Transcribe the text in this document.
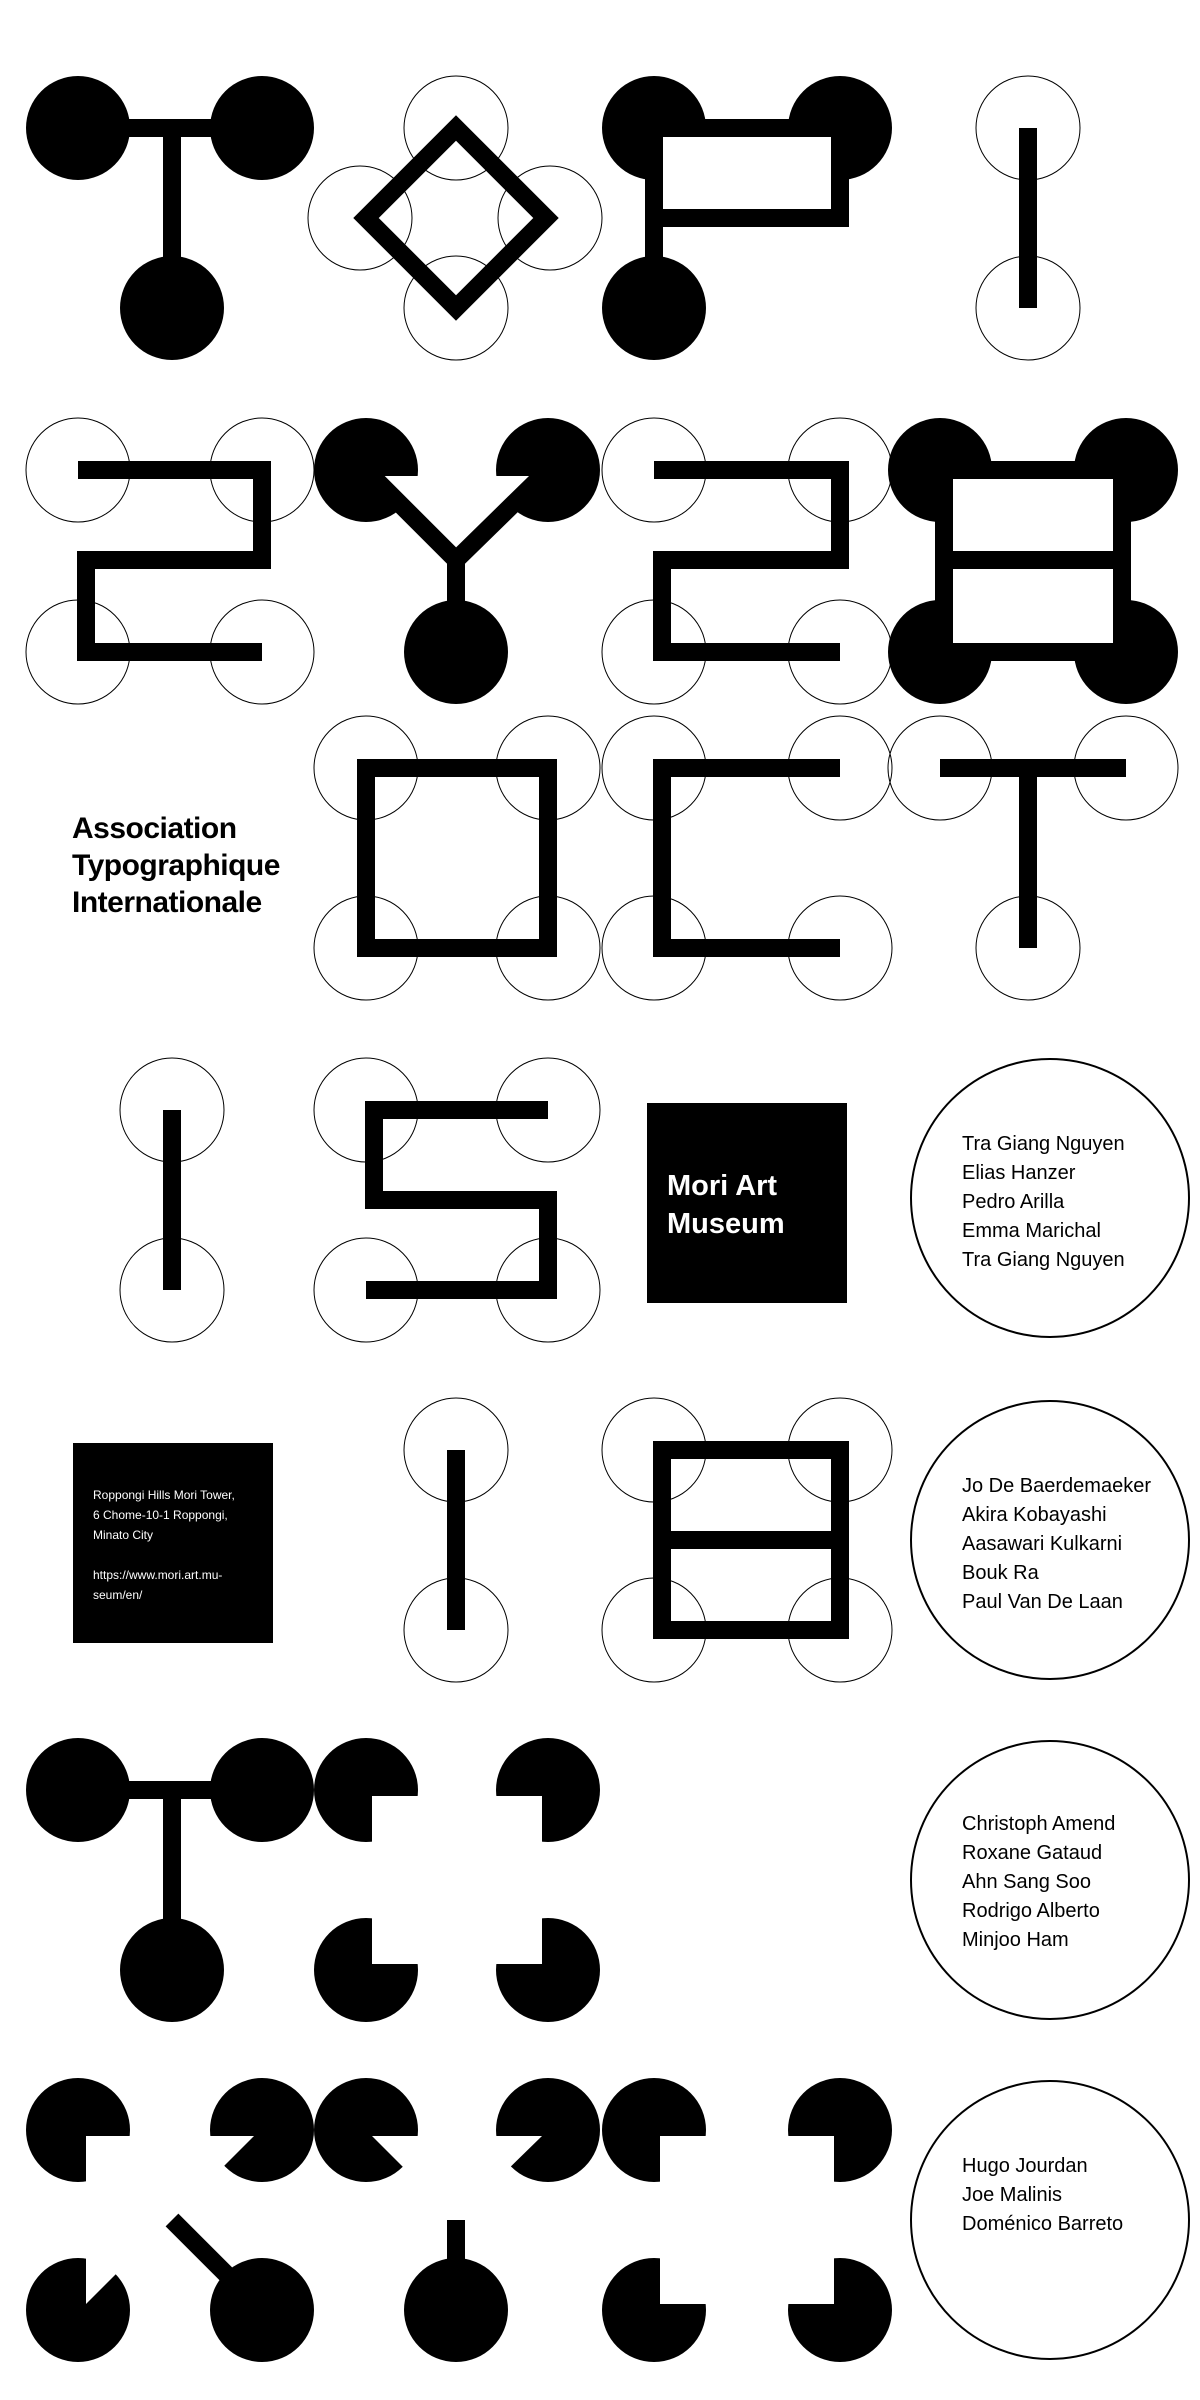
Association
Typographique
Internationale
Mori Art
Museum

Roppongi Hills Mori Tower,

6 Chome-10-1 Roppongi,

Minato City

https://www.mori.art.mu-

seum/en/

Tra Giang Nguyen
Elias Hanzer
Pedro Arilla
Emma Marichal
Tra Giang Nguyen
Jo De Baerdemaeker
Akira Kobayashi
Aasawari Kulkarni
Bouk Ra
Paul Van De Laan
Christoph Amend
Roxane Gataud
Ahn Sang Soo
Rodrigo Alberto
Minjoo Ham
Hugo Jourdan
Joe Malinis
Doménico Barreto
